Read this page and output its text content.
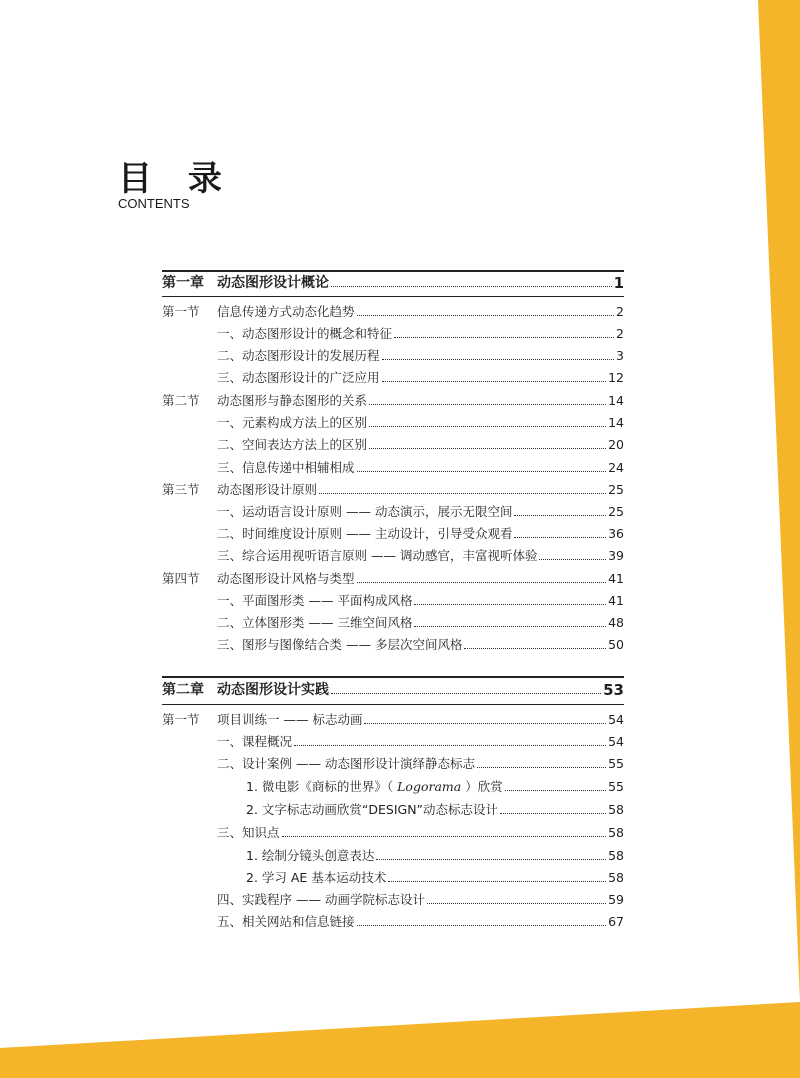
目 录
CONTENTS
第一章 动态图形设计概论	1
第一节	信息传递方式动态化趋势	2
一、动态图形设计的概念和特征	2
二、动态图形设计的发展历程	3
三、动态图形设计的广泛应用	12
第二节	动态图形与静态图形的关系	14
一、元素构成方法上的区别	14
二、空间表达方法上的区别	20
三、信息传递中相辅相成	24
第三节	动态图形设计原则	25
一、运动语言设计原则 —— 动态演示，展示无限空间	25
二、时间维度设计原则 —— 主动设计，引导受众观看	36
三、综合运用视听语言原则 —— 调动感官，丰富视听体验	39
第四节	动态图形设计风格与类型	41
一、平面图形类 —— 平面构成风格	41
二、立体图形类 —— 三维空间风格	48
三、图形与图像结合类 —— 多层次空间风格	50
第二章 动态图形设计实践	53
第一节	项目训练一 —— 标志动画	54
一、课程概况	54
二、设计案例 —— 动态图形设计演绎静态标志	55
1. 微电影《商标的世界》（ Logorama ）欣赏	55
2. 文字标志动画欣赏“DESIGN”动态标志设计	58
三、知识点	58
1. 绘制分镜头创意表达	58
2. 学习 AE 基本运动技术	58
四、实践程序 —— 动画学院标志设计	59
五、相关网站和信息链接	67
